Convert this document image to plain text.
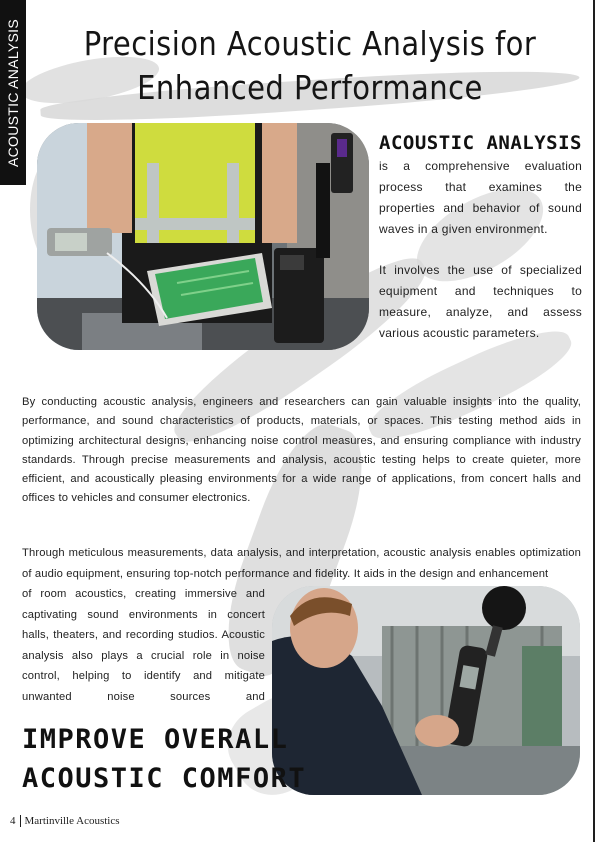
ACOUSTIC ANALYSIS	Precision Acoustic Analysis for
Enhanced Performance

ACOUSTIC ANALYSIS is a comprehensive evaluation process that examines the properties and behavior of sound waves in a given environment.

It involves the use of specialized equipment and techniques to measure, analyze, and assess various acoustic parameters.

By conducting acoustic analysis, engineers and researchers can gain valuable insights into the quality, performance, and sound characteristics of products, materials, or spaces. This testing method aids in optimizing architectural designs, enhancing noise control measures, and ensuring compliance with industry standards. Through precise measurements and analysis, acoustic testing helps to create quieter, more efficient, and acoustically pleasing environments for a wide range of applications, from concert halls and offices to vehicles and consumer electronics.

Through meticulous measurements, data analysis, and interpretation, acoustic analysis enables optimization of audio equipment, ensuring top-notch performance and fidelity. It aids in the design and enhancement

of room acoustics, creating immersive and captivating sound environments in concert halls, theaters, and recording studios. Acoustic analysis also plays a crucial role in noise control, helping to identify and mitigate unwanted noise sources and

IMPROVE OVERALL

ACOUSTIC COMFORT

4 Martinville Acoustics
